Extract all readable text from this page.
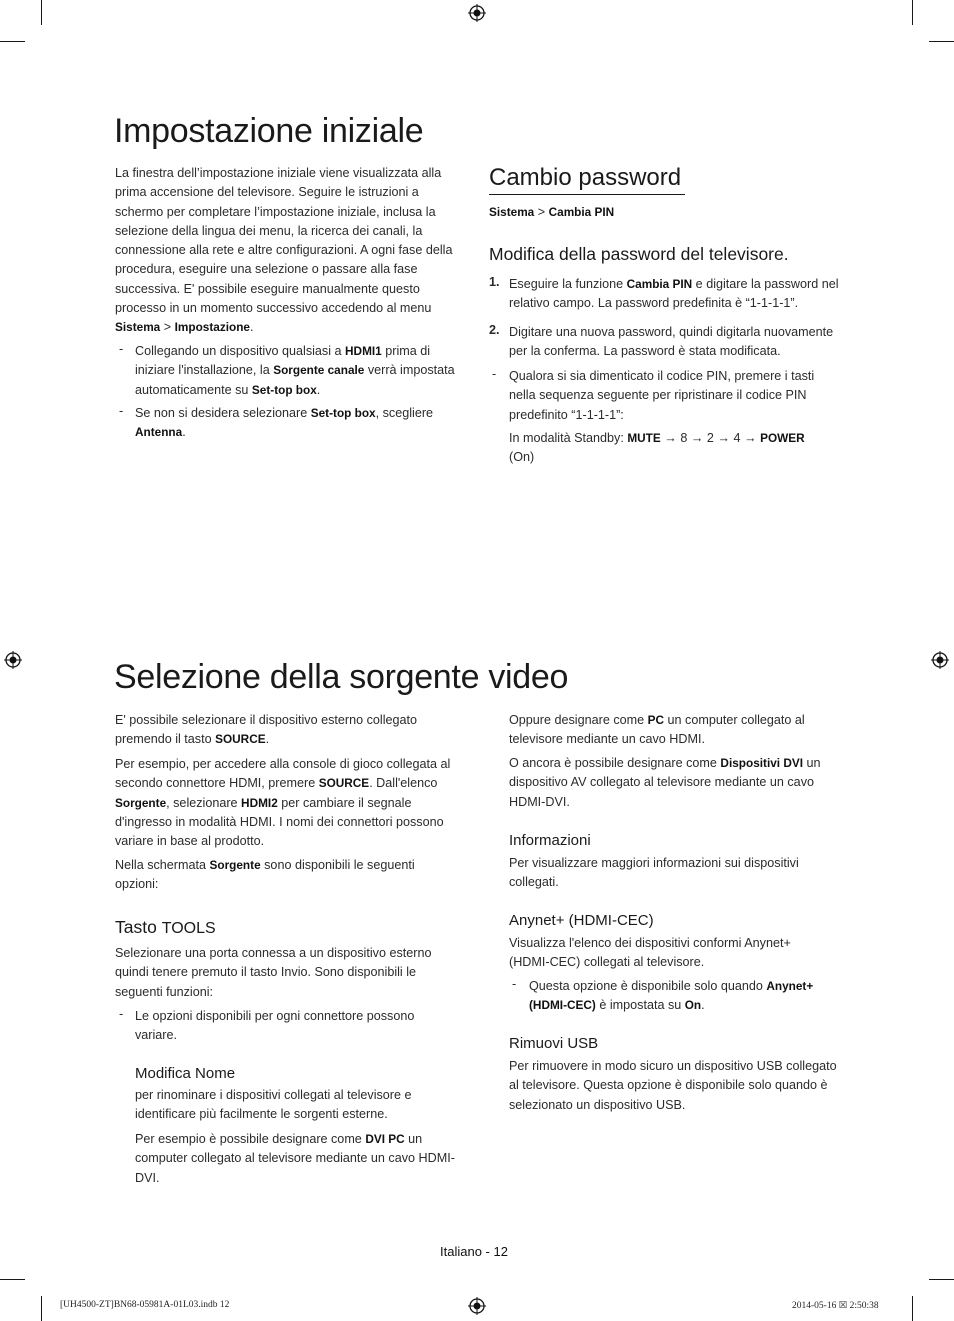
Impostazione iniziale

La finestra dell’impostazione iniziale viene visualizzata alla prima accensione del televisore. Seguire le istruzioni a schermo per completare l’impostazione iniziale, inclusa la selezione della lingua dei menu, la ricerca dei canali, la connessione alla rete e altre configurazioni. A ogni fase della procedura, eseguire una selezione o passare alla fase successiva. E' possibile eseguire manualmente questo processo in un momento successivo accedendo al menu Sistema > Impostazione.

- Collegando un dispositivo qualsiasi a HDMI1 prima di iniziare l'installazione, la Sorgente canale verrà impostata automaticamente su Set-top box.

- Se non si desidera selezionare Set-top box, scegliere Antenna.

Cambio password

Sistema > Cambia PIN

Modifica della password del televisore.
1. Eseguire la funzione Cambia PIN e digitare la password nel relativo campo. La password predefinita è “1-1-1-1”.

2. Digitare una nuova password, quindi digitarla nuovamente per la conferma. La password è stata modificata.

- Qualora si sia dimenticato il codice PIN, premere i tasti nella sequenza seguente per ripristinare il codice PIN predefinito “1-1-1-1”:

In modalità Standby: MUTE → 8 → 2 → 4 → POWER (On)

Selezione della sorgente video

E' possibile selezionare il dispositivo esterno collegato premendo il tasto SOURCE.

Per esempio, per accedere alla console di gioco collegata al secondo connettore HDMI, premere SOURCE. Dall'elenco Sorgente, selezionare HDMI2 per cambiare il segnale d'ingresso in modalità HDMI. I nomi dei connettori possono variare in base al prodotto.

Nella schermata Sorgente sono disponibili le seguenti opzioni:

Tasto TOOLS

Selezionare una porta connessa a un dispositivo esterno quindi tenere premuto il tasto Invio. Sono disponibili le seguenti funzioni:

- Le opzioni disponibili per ogni connettore possono variare.

Modifica Nome

per rinominare i dispositivi collegati al televisore e identificare più facilmente le sorgenti esterne.

Per esempio è possibile designare come DVI PC un computer collegato al televisore mediante un cavo HDMI-DVI.

Oppure designare come PC un computer collegato al televisore mediante un cavo HDMI.

O ancora è possibile designare come Dispositivi DVI un dispositivo AV collegato al televisore mediante un cavo HDMI-DVI.

Informazioni

Per visualizzare maggiori informazioni sui dispositivi collegati.

Anynet+ (HDMI-CEC)

Visualizza l'elenco dei dispositivi conformi Anynet+ (HDMI-CEC) collegati al televisore.

- Questa opzione è disponibile solo quando Anynet+ (HDMI-CEC) è impostata su On.

Rimuovi USB

Per rimuovere in modo sicuro un dispositivo USB collegato al televisore. Questa opzione è disponibile solo quando è selezionato un dispositivo USB.

Italiano - 12
[UH4500-ZT]BN68-05981A-01L03.indb 12	2014-05-16 ☒ 2:50:38
